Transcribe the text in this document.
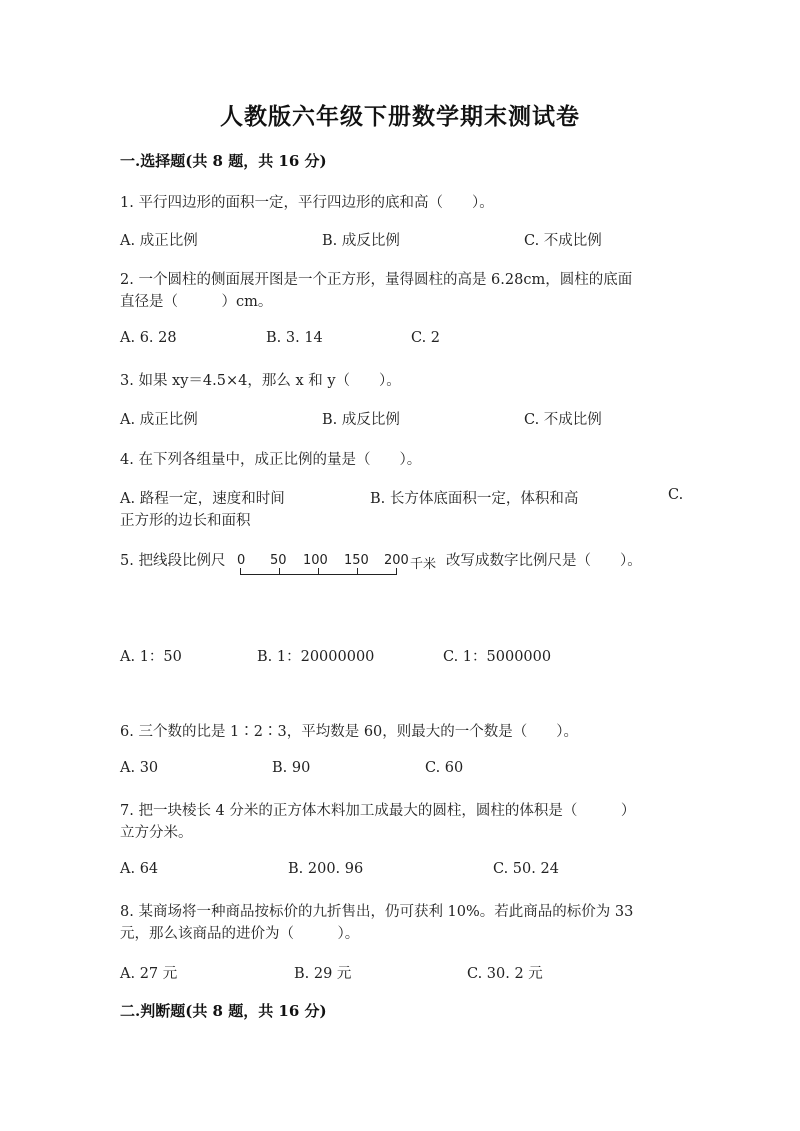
人教版六年级下册数学期末测试卷
一.选择题(共 8 题，共 16 分)
1. 平行四边形的面积一定，平行四边形的底和高（　　）。
A. 成正比例	B. 成反比例	C. 不成比例
2. 一个圆柱的侧面展开图是一个正方形，量得圆柱的高是 6.28cm，圆柱的底面
直径是（　　　）cm。
A. 6. 28	B. 3. 14	C. 2
3. 如果 xy＝4.5×4，那么 x 和 y（　　）。
A. 成正比例	B. 成反比例	C. 不成比例
4. 在下列各组量中，成正比例的量是（　　）。
A. 路程一定，速度和时间	B. 长方体底面积一定，体积和高	C.
正方形的边长和面积
5. 把线段比例尺 0 50 100 150 200 千米 改写成数字比例尺是（　　）。
A. 1：50	B. 1：20000000	C. 1：5000000
6. 三个数的比是 1∶2∶3，平均数是 60，则最大的一个数是（　　）。
A. 30	B. 90	C. 60
7. 把一块棱长 4 分米的正方体木料加工成最大的圆柱，圆柱的体积是（　　　）
立方分米。
A. 64	B. 200. 96	C. 50. 24
8. 某商场将一种商品按标价的九折售出，仍可获利 10%。若此商品的标价为 33
元，那么该商品的进价为（　　　）。
A. 27 元	B. 29 元	C. 30. 2 元
二.判断题(共 8 题，共 16 分)
